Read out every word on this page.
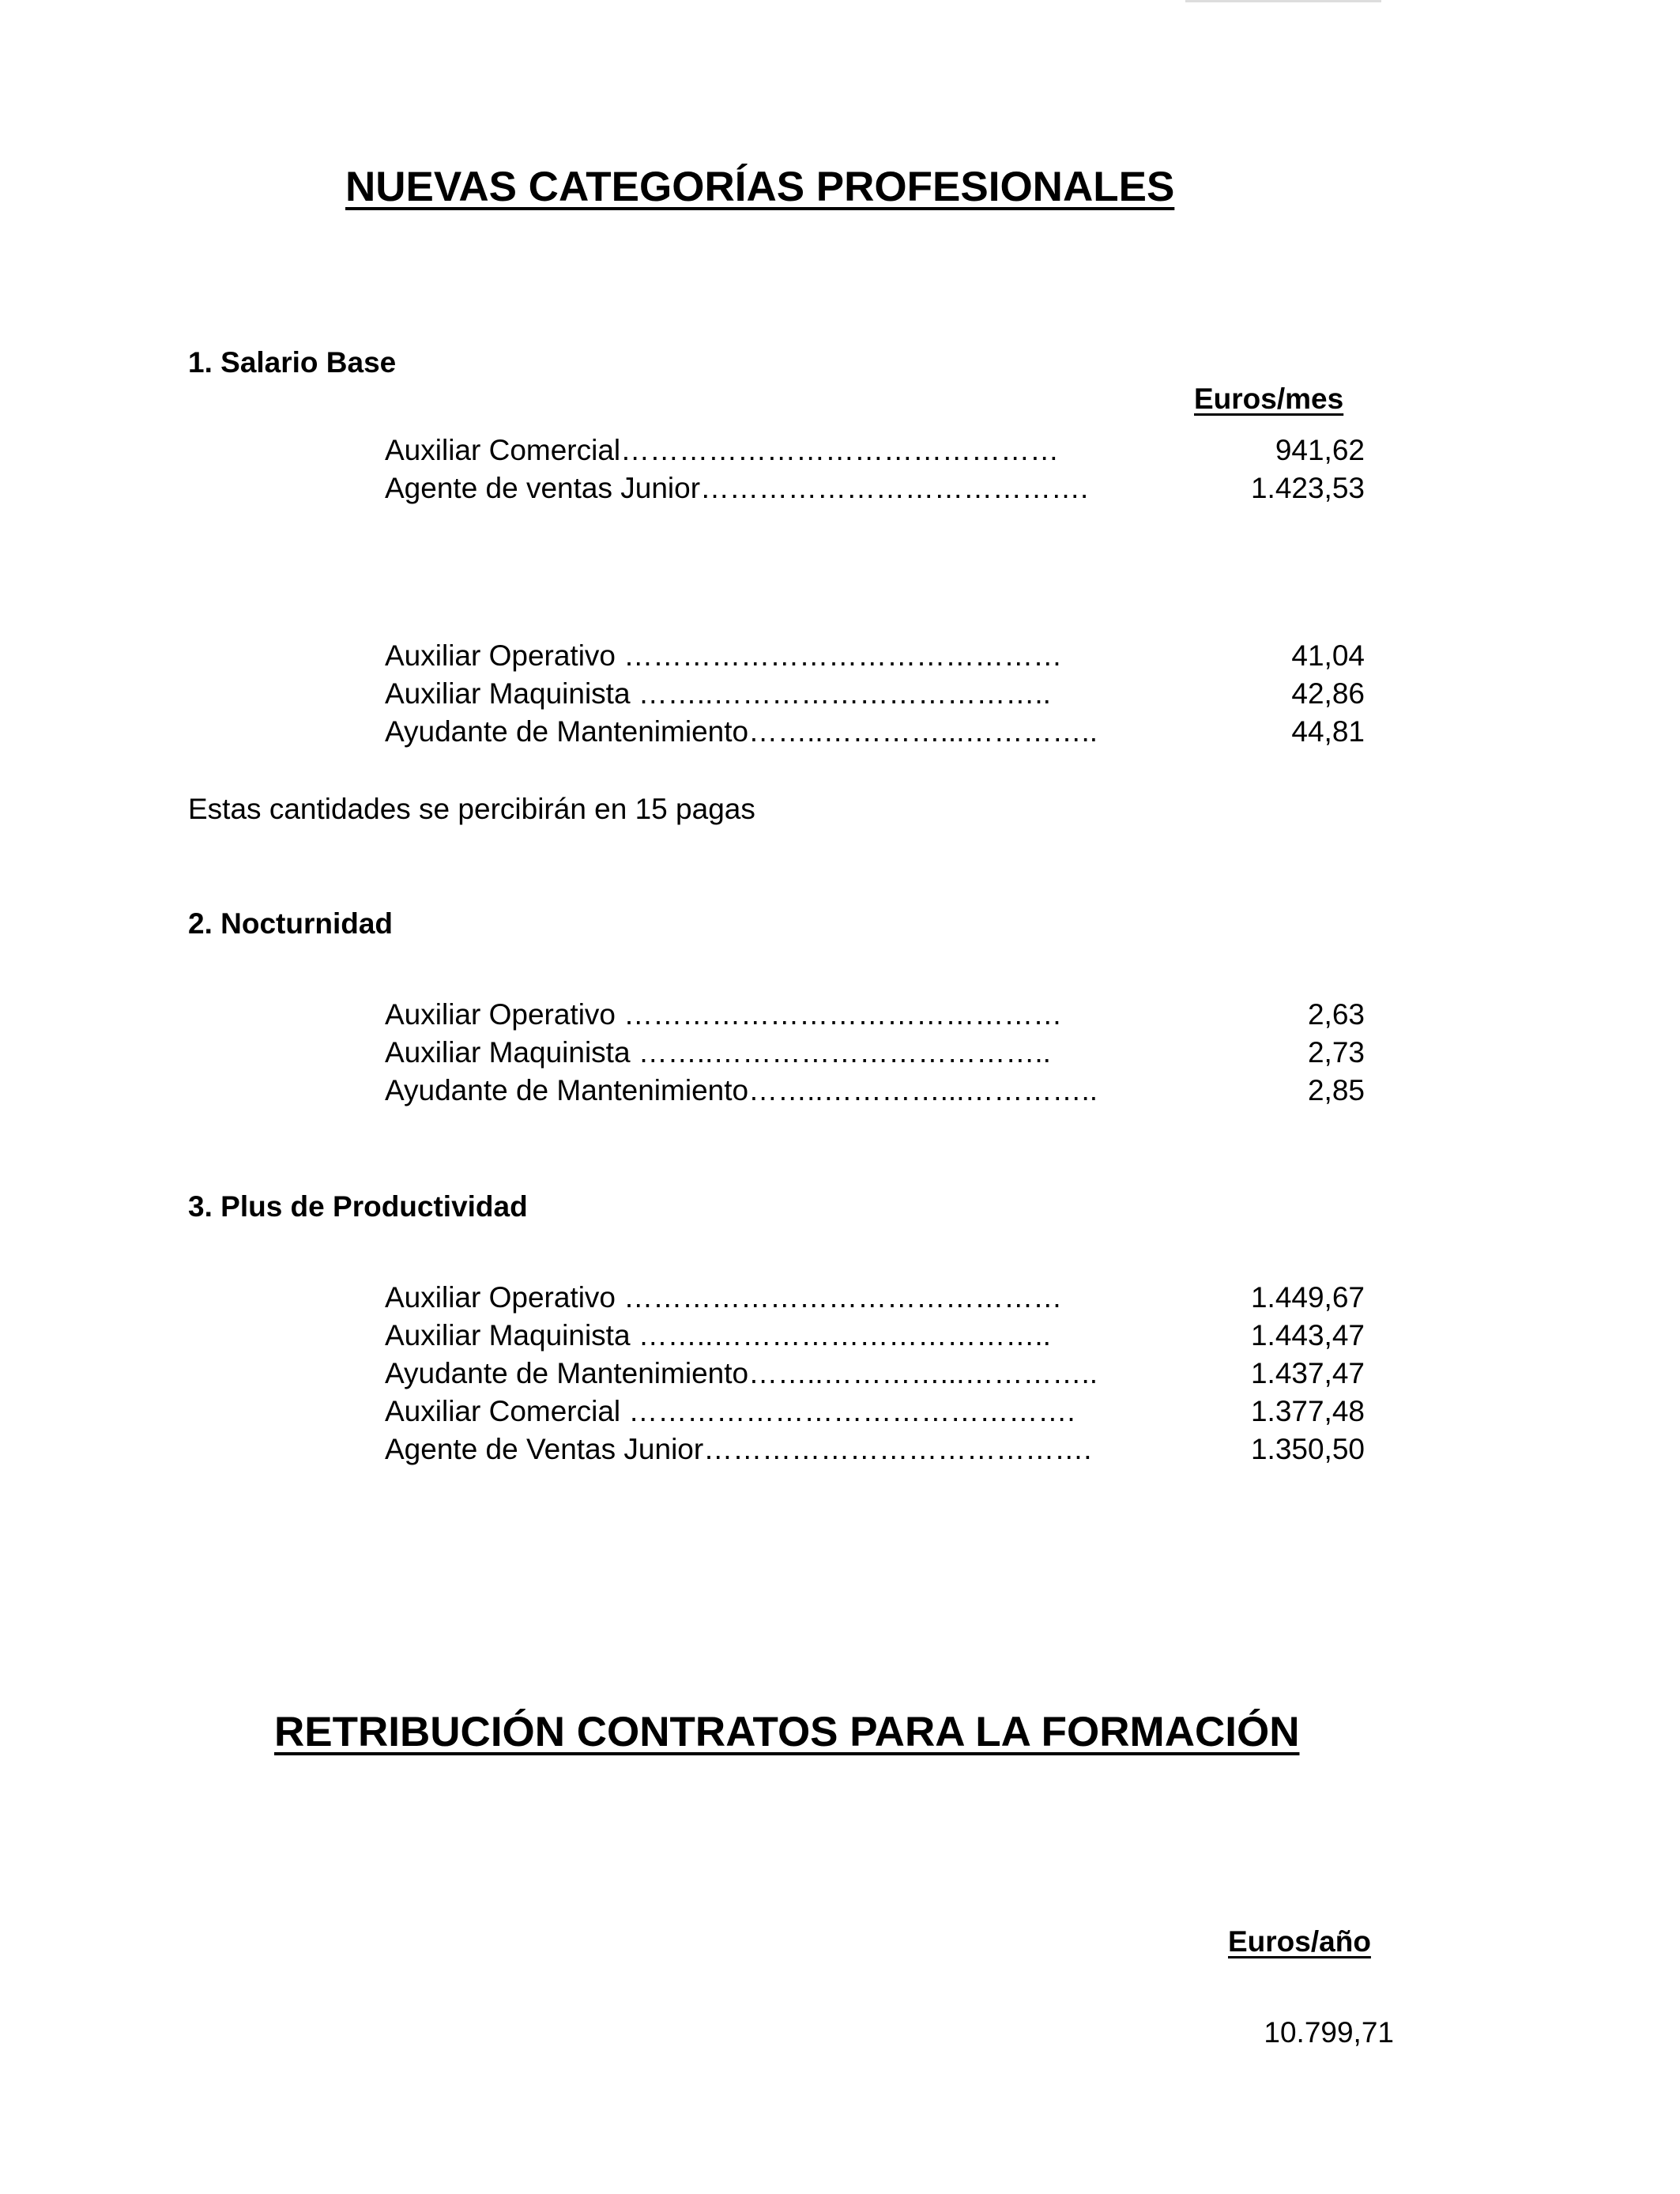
NUEVAS CATEGORÍAS PROFESIONALES
1. Salario Base
Euros/mes
Auxiliar Comercial………………………………………	941,62
Agente de ventas Junior………………………………….	1.423,53
Auxiliar Operativo ………………………………………	41,04
Auxiliar Maquinista ……..……………………………..	42,86
Ayudante de Mantenimiento……..…………...…………..	44,81
Estas cantidades se percibirán en 15 pagas
2. Nocturnidad
Auxiliar Operativo ………………………………………	2,63
Auxiliar Maquinista ……..……………………………..	2,73
Ayudante de Mantenimiento……..…………...…………..	2,85
3. Plus de Productividad
Auxiliar Operativo ………………………………………	1.449,67
Auxiliar Maquinista ……..……………………………..	1.443,47
Ayudante de Mantenimiento……..…………...…………..	1.437,47
Auxiliar Comercial ……………………………………….	1.377,48
Agente de Ventas Junior………………………………….	1.350,50
RETRIBUCIÓN CONTRATOS PARA LA FORMACIÓN
Euros/año
10.799,71
